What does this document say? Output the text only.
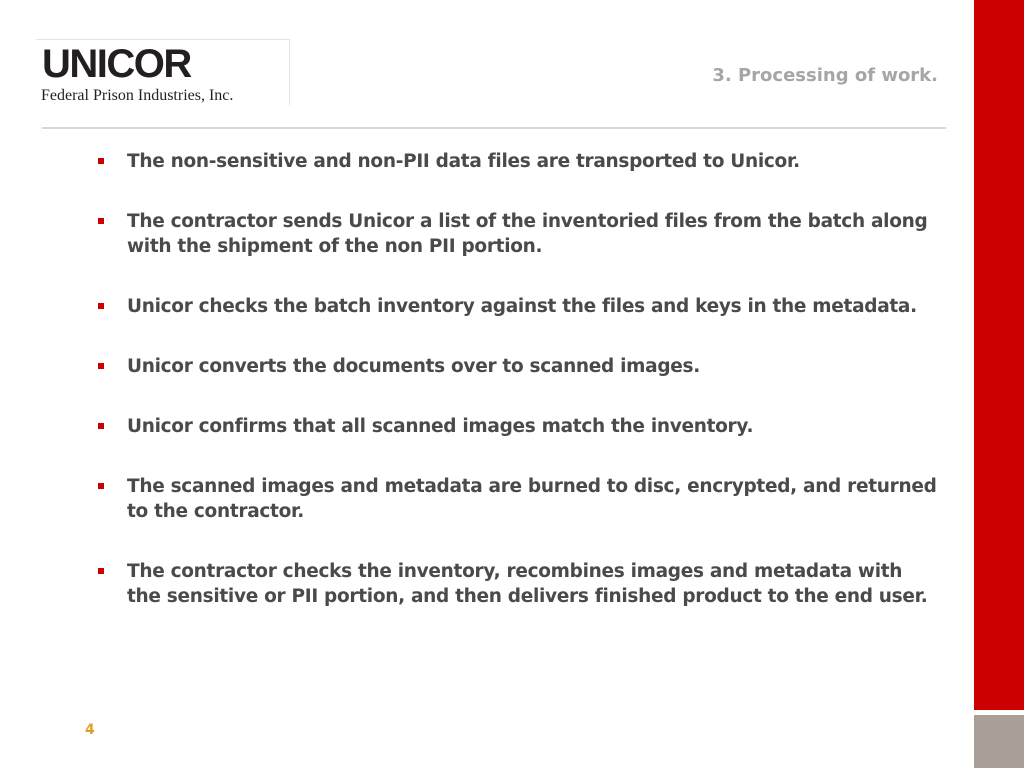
UNICOR
Federal Prison Industries, Inc.
3. Processing of work.
The non-sensitive and non-PII data files are transported to Unicor.
The contractor sends Unicor a list of the inventoried files from the batch along with the shipment of the non PII portion.
Unicor checks the batch inventory against the files and keys in the metadata.
Unicor converts the documents over to scanned images.
Unicor confirms that all scanned images match the inventory.
The scanned images and metadata are burned to disc, encrypted, and returned to the contractor.
The contractor checks the inventory, recombines images and metadata with the sensitive or PII portion, and then delivers finished product to the end user.
4
